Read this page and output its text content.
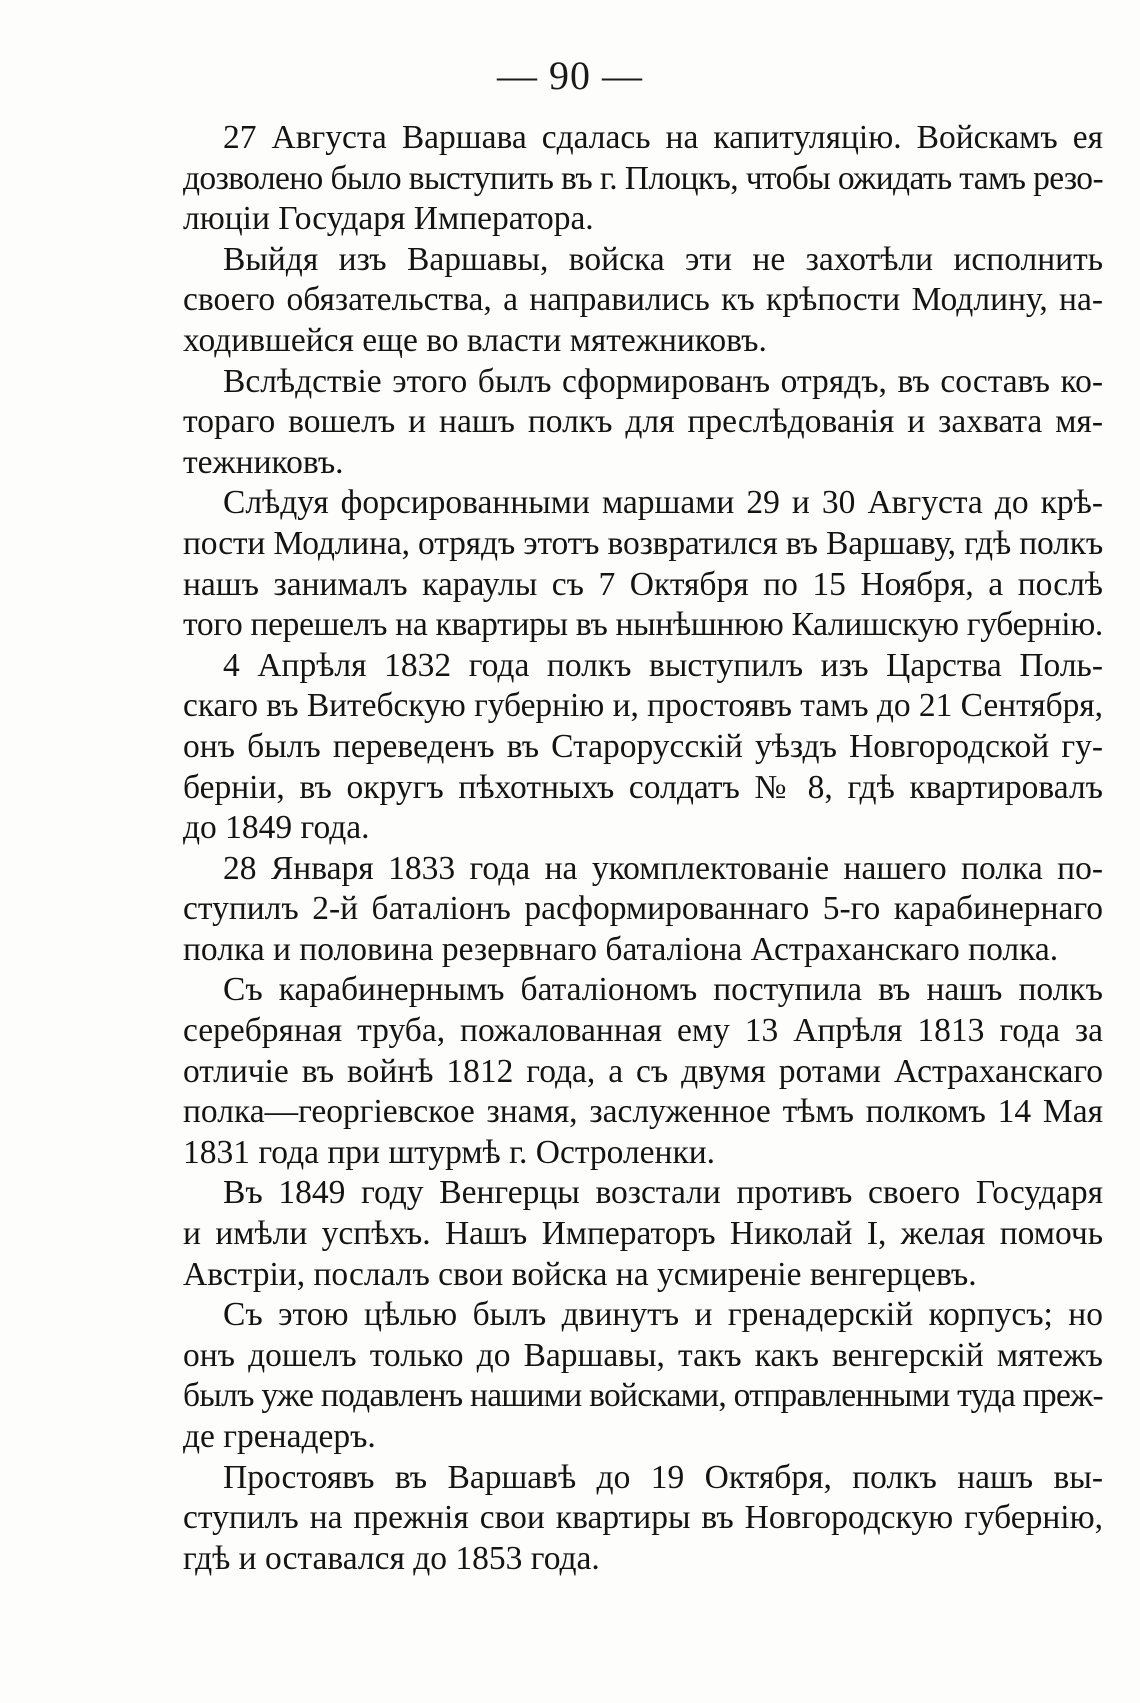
— 90 —

27 Августа Варшава сдалась на капитуляцію. Войскамъ ея
дозволено было выступить въ г. Плоцкъ, чтобы ожидать тамъ резо-
люціи Государя Императора.

Выйдя изъ Варшавы, войска эти не захотѣли исполнить
своего обязательства, а направились къ крѣпости Модлину, на-
ходившейся еще во власти мятежниковъ.

Вслѣдствіе этого былъ сформированъ отрядъ, въ составъ ко-
тораго вошелъ и нашъ полкъ для преслѣдованія и захвата мя-
тежниковъ.

Слѣдуя форсированными маршами 29 и 30 Августа до крѣ-
пости Модлина, отрядъ этотъ возвратился въ Варшаву, гдѣ полкъ
нашъ занималъ караулы съ 7 Октября по 15 Ноября, а послѣ
того перешелъ на квартиры въ нынѣшнюю Калишскую губернію.

4 Апрѣля 1832 года полкъ выступилъ изъ Царства Поль-
скаго въ Витебскую губернію и, простоявъ тамъ до 21 Сентября,
онъ былъ переведенъ въ Старорусскій уѣздъ Новгородской гу-
берніи, въ округъ пѣхотныхъ солдатъ № 8, гдѣ квартировалъ
до 1849 года.

28 Января 1833 года на укомплектованіе нашего полка по-
ступилъ 2-й баталіонъ расформированнаго 5-го карабинернаго
полка и половина резервнаго баталіона Астраханскаго полка.

Съ карабинернымъ баталіономъ поступила въ нашъ полкъ
серебряная труба, пожалованная ему 13 Апрѣля 1813 года за
отличіе въ войнѣ 1812 года, а съ двумя ротами Астраханскаго
полка—георгіевское знамя, заслуженное тѣмъ полкомъ 14 Мая
1831 года при штурмѣ г. Остроленки.

Въ 1849 году Венгерцы возстали противъ своего Государя
и имѣли успѣхъ. Нашъ Императоръ Николай I, желая помочь
Австріи, послалъ свои войска на усмиреніе венгерцевъ.

Съ этою цѣлью былъ двинутъ и гренадерскій корпусъ; но
онъ дошелъ только до Варшавы, такъ какъ венгерскій мятежъ
былъ уже подавленъ нашими войсками, отправленными туда преж-
де гренадеръ.

Простоявъ въ Варшавѣ до 19 Октября, полкъ нашъ вы-
ступилъ на прежнія свои квартиры въ Новгородскую губернію,
гдѣ и оставался до 1853 года.
